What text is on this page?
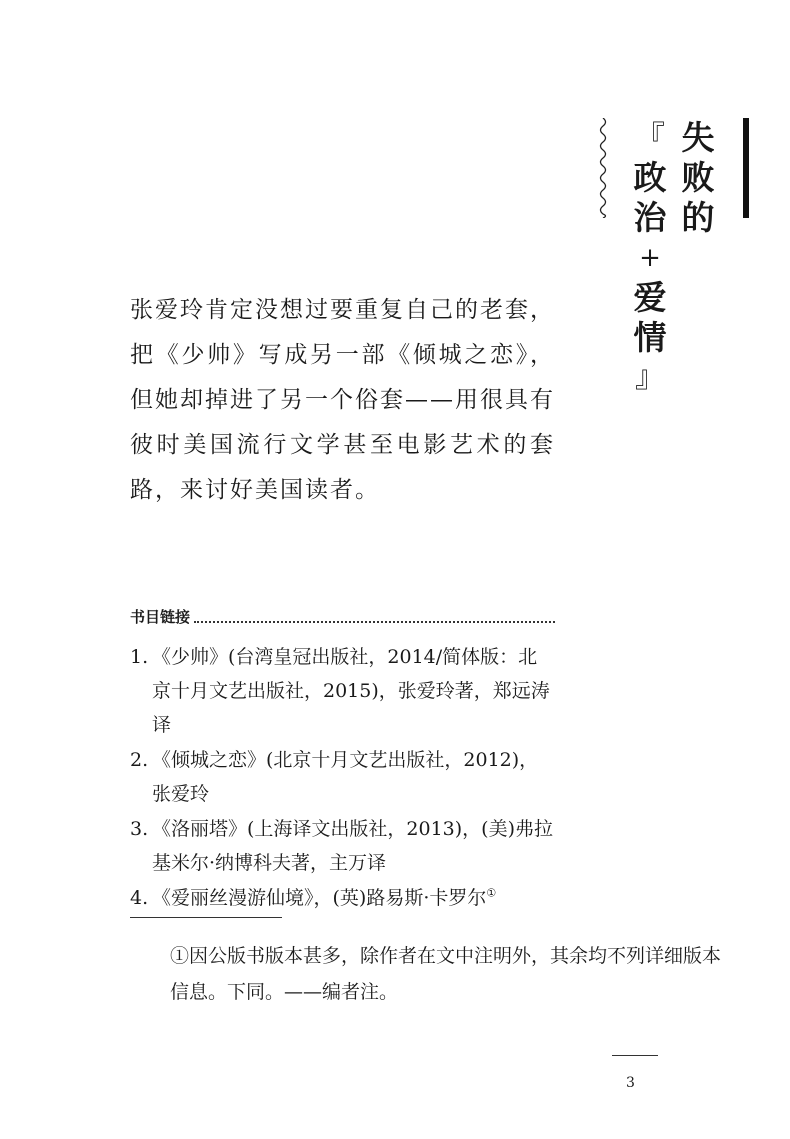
失
败
的
『
政
治
+
爱
情
』

张爱玲肯定没想过要重复自己的老套，把《少帅》写成另一部《倾城之恋》，但她却掉进了另一个俗套——用很具有彼时美国流行文学甚至电影艺术的套路，来讨好美国读者。

书目链接
1. 《少帅》(台湾皇冠出版社，2014/简体版：北京十月文艺出版社，2015)，张爱玲著，郑远涛译
2. 《倾城之恋》(北京十月文艺出版社，2012)，张爱玲
3. 《洛丽塔》(上海译文出版社，2013)，(美)弗拉基米尔·纳博科夫著，主万译
4. 《爱丽丝漫游仙境》，(英)路易斯·卡罗尔①
①因公版书版本甚多，除作者在文中注明外，其余均不列详细版本信息。下同。——编者注。
3
